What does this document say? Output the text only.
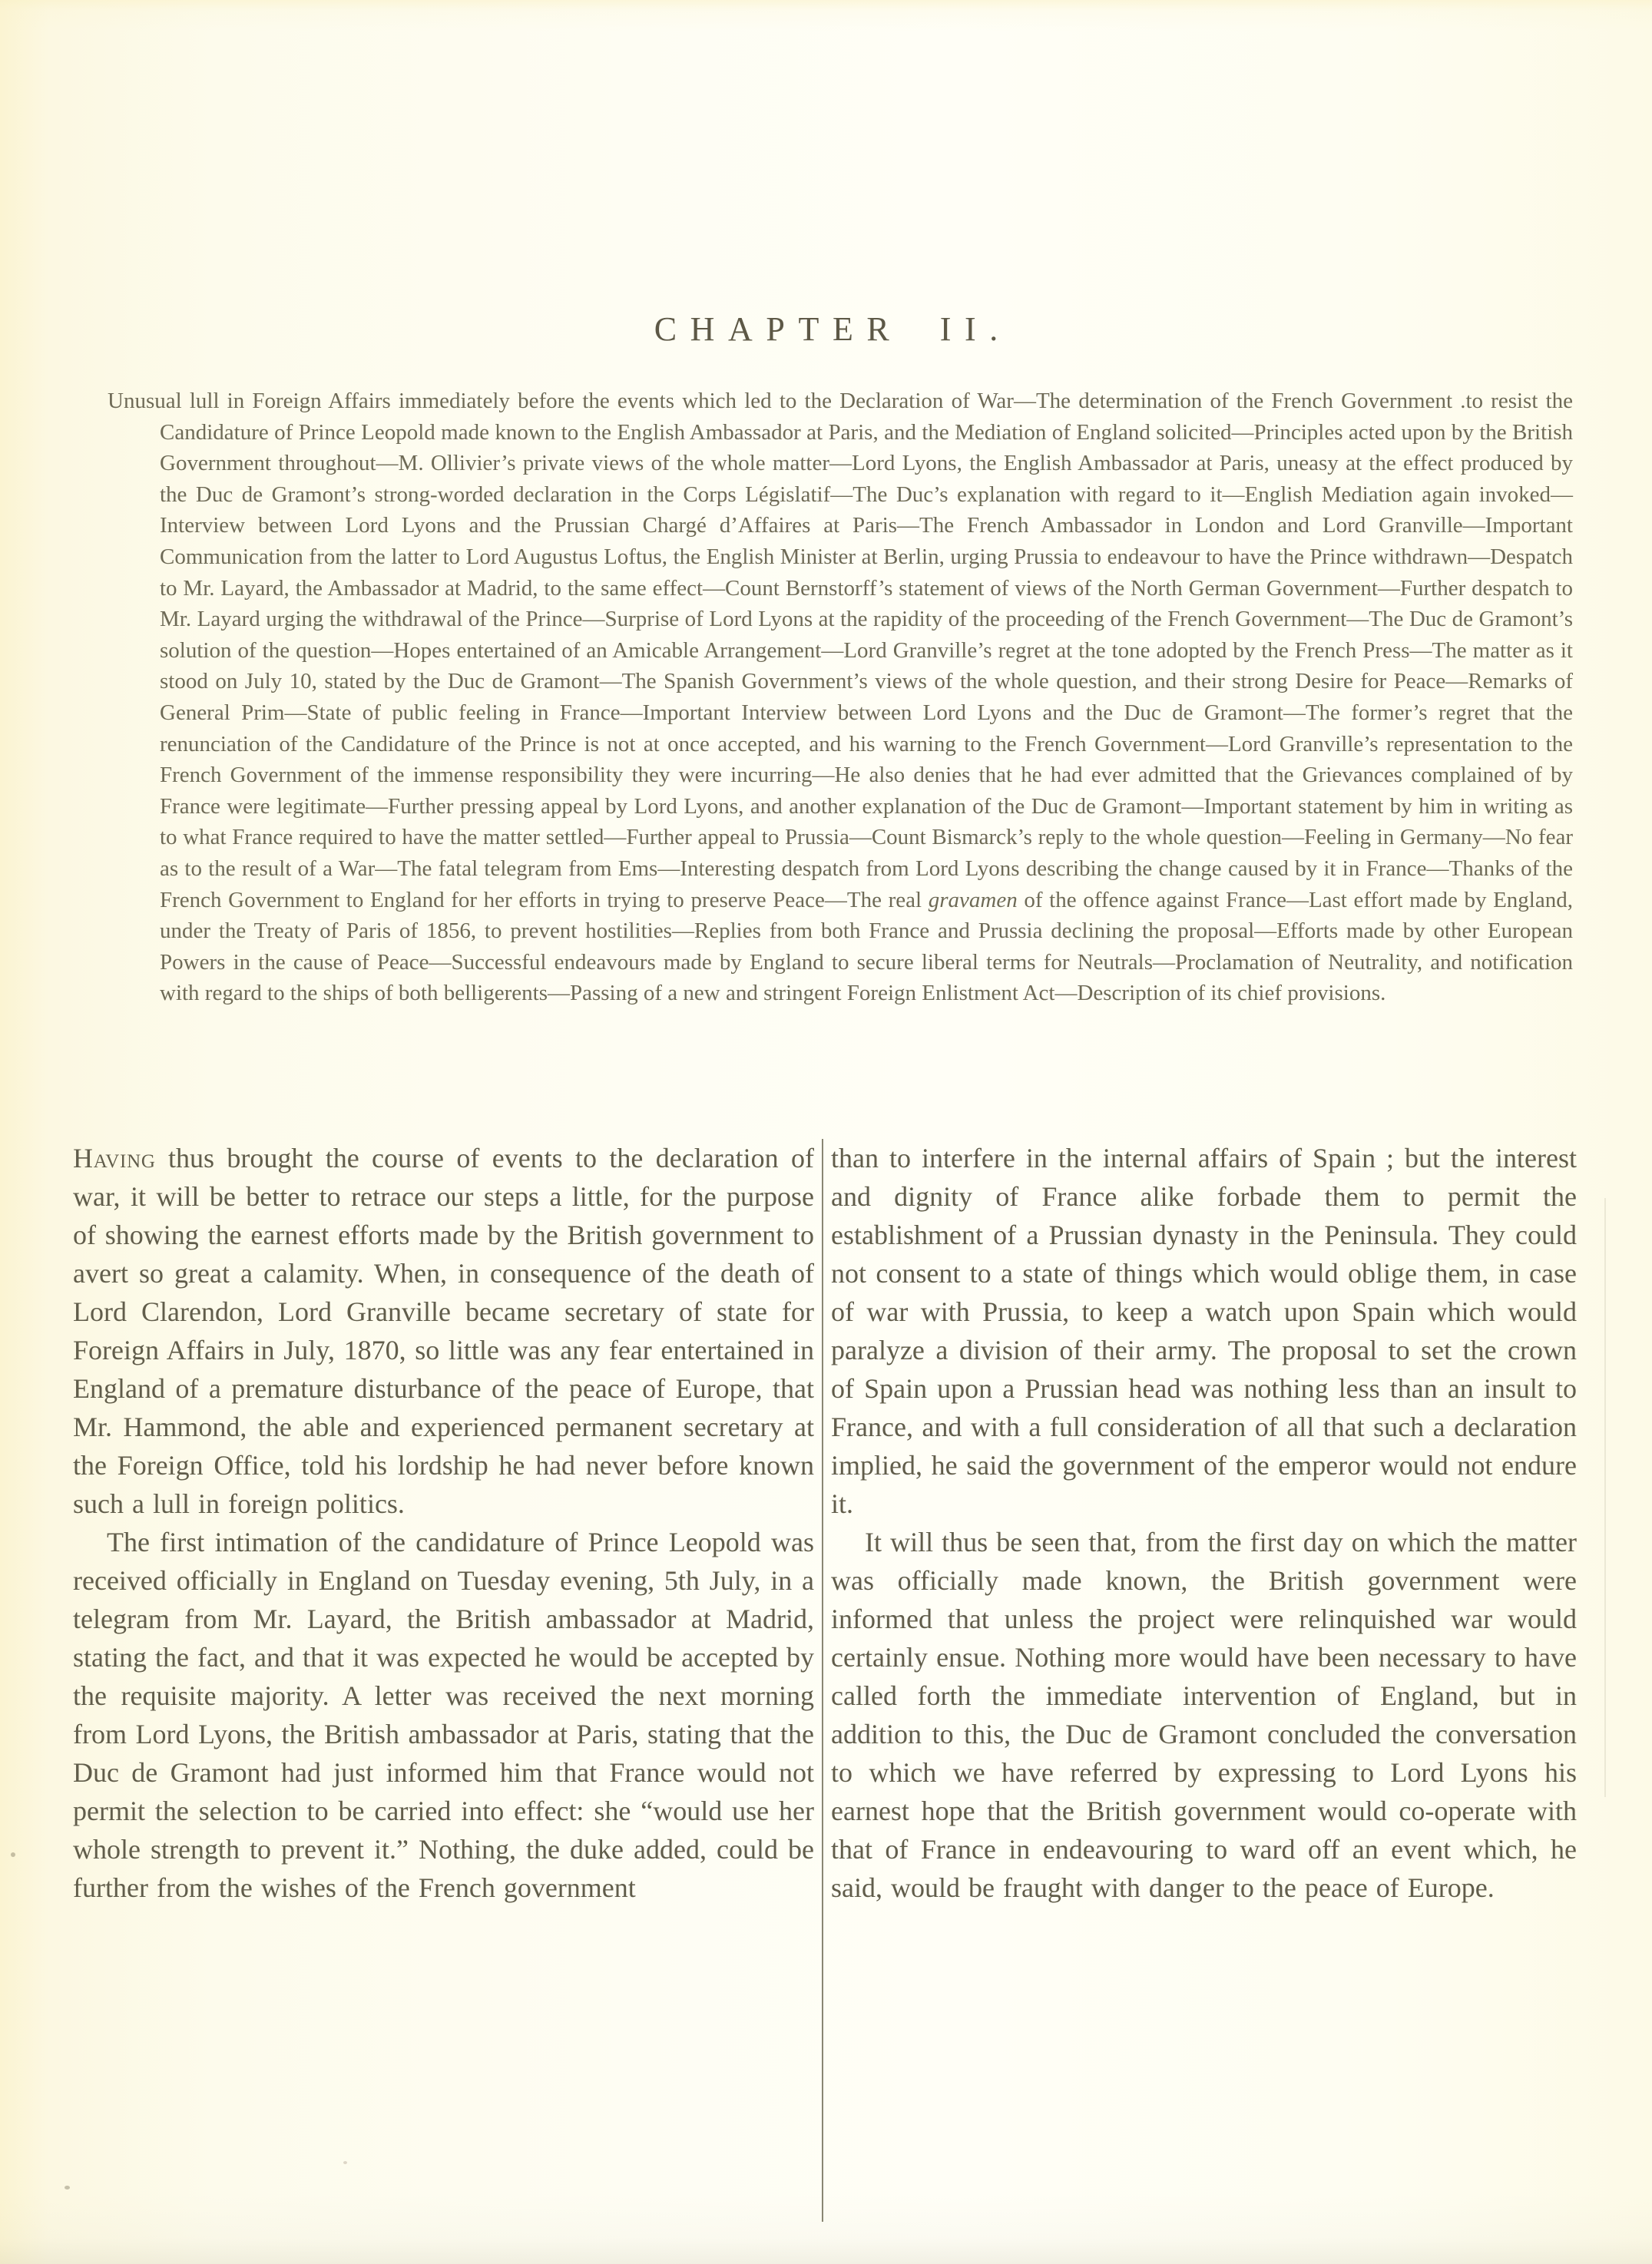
CHAPTER II.
Unusual lull in Foreign Affairs immediately before the events which led to the Declaration of War—The determination of the French Government .to resist the Candidature of Prince Leopold made known to the English Ambassador at Paris, and the Mediation of England solicited—Principles acted upon by the British Government throughout—M. Ollivier’s private views of the whole matter—Lord Lyons, the English Ambassador at Paris, uneasy at the effect produced by the Duc de Gramont’s strong-worded declaration in the Corps Législatif—The Duc’s explanation with regard to it—English Mediation again invoked—Interview between Lord Lyons and the Prussian Chargé d’Affaires at Paris—The French Ambassador in London and Lord Granville—Important Communication from the latter to Lord Augustus Loftus, the English Minister at Berlin, urging Prussia to endeavour to have the Prince withdrawn—Despatch to Mr. Layard, the Ambassador at Madrid, to the same effect—Count Bernstorff’s statement of views of the North German Government—Further despatch to Mr. Layard urging the withdrawal of the Prince—Surprise of Lord Lyons at the rapidity of the proceeding of the French Government—The Duc de Gramont’s solution of the question—Hopes entertained of an Amicable Arrangement—Lord Granville’s regret at the tone adopted by the French Press—The matter as it stood on July 10, stated by the Duc de Gramont—The Spanish Government’s views of the whole question, and their strong Desire for Peace—Remarks of General Prim—State of public feeling in France—Important Interview between Lord Lyons and the Duc de Gramont—The former’s regret that the renunciation of the Candidature of the Prince is not at once accepted, and his warning to the French Government—Lord Granville’s representation to the French Government of the immense responsibility they were incurring—He also denies that he had ever admitted that the Grievances complained of by France were legitimate—Further pressing appeal by Lord Lyons, and another explanation of the Duc de Gramont—Important statement by him in writing as to what France required to have the matter settled—Further appeal to Prussia—Count Bismarck’s reply to the whole question—Feeling in Germany—No fear as to the result of a War—The fatal telegram from Ems—Interesting despatch from Lord Lyons describing the change caused by it in France—Thanks of the French Government to England for her efforts in trying to preserve Peace—The real gravamen of the offence against France—Last effort made by England, under the Treaty of Paris of 1856, to prevent hostilities—Replies from both France and Prussia declining the proposal—Efforts made by other European Powers in the cause of Peace—Successful endeavours made by England to secure liberal terms for Neutrals—Proclamation of Neutrality, and notification with regard to the ships of both belligerents—Passing of a new and stringent Foreign Enlistment Act—Description of its chief provisions.

Having thus brought the course of events to the declaration of war, it will be better to retrace our steps a little, for the purpose of showing the earnest efforts made by the British government to avert so great a calamity. When, in consequence of the death of Lord Clarendon, Lord Granville became secretary of state for Foreign Affairs in July, 1870, so little was any fear entertained in England of a premature disturbance of the peace of Europe, that Mr. Hammond, the able and experienced permanent secretary at the Foreign Office, told his lordship he had never before known such a lull in foreign politics.

The first intimation of the candidature of Prince Leopold was received officially in England on Tuesday evening, 5th July, in a telegram from Mr. Layard, the British ambassador at Madrid, stating the fact, and that it was expected he would be accepted by the requisite majority. A letter was received the next morning from Lord Lyons, the British ambassador at Paris, stating that the Duc de Gramont had just informed him that France would not permit the selection to be carried into effect: she “would use her whole strength to prevent it.” Nothing, the duke added, could be further from the wishes of the French government

than to interfere in the internal affairs of Spain ; but the interest and dignity of France alike forbade them to permit the establishment of a Prussian dynasty in the Peninsula. They could not consent to a state of things which would oblige them, in case of war with Prussia, to keep a watch upon Spain which would paralyze a division of their army. The proposal to set the crown of Spain upon a Prussian head was nothing less than an insult to France, and with a full consideration of all that such a declaration implied, he said the government of the emperor would not endure it.

It will thus be seen that, from the first day on which the matter was officially made known, the British government were informed that unless the project were relinquished war would certainly ensue. Nothing more would have been necessary to have called forth the immediate intervention of England, but in addition to this, the Duc de Gramont concluded the conversation to which we have referred by expressing to Lord Lyons his earnest hope that the British government would co-operate with that of France in endeavouring to ward off an event which, he said, would be fraught with danger to the peace of Europe.
